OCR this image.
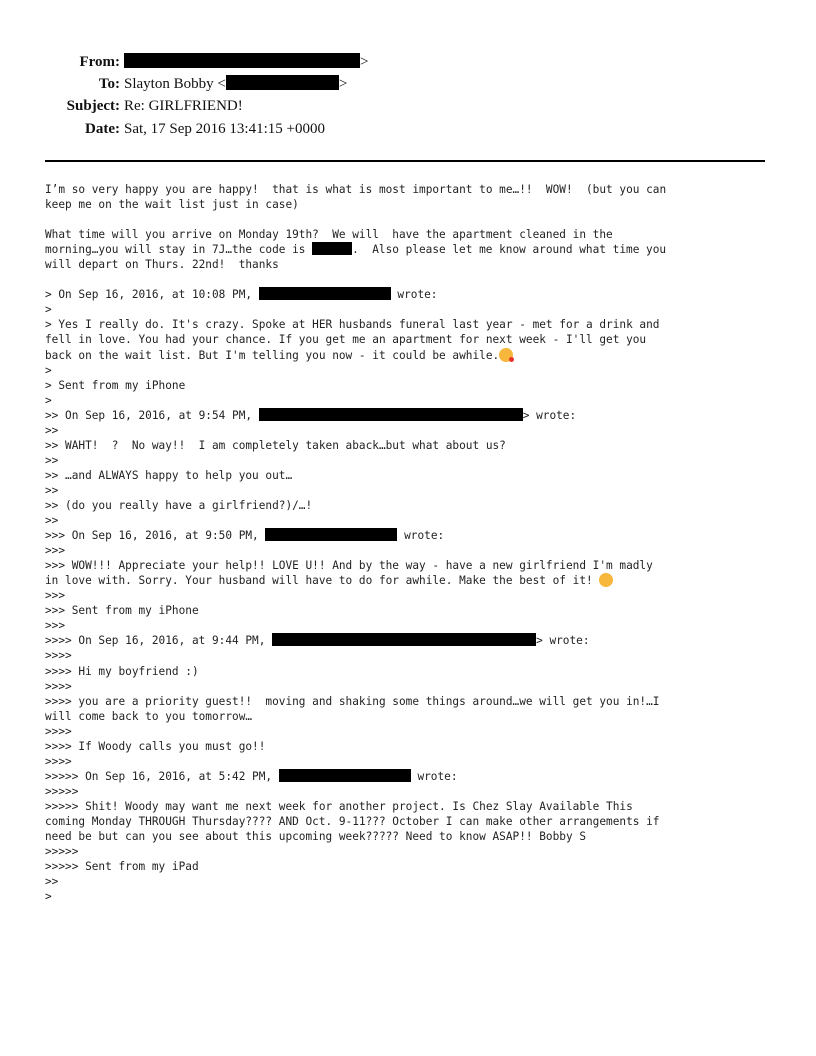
From:	>
To: Slayton Bobby <	>
Subject: Re: GIRLFRIEND!
Date: Sat, 17 Sep 2016 13:41:15 +0000
I’m so very happy you are happy!  that is what is most important to me…!!  WOW!  (but you can
keep me on the wait list just in case)
What time will you arrive on Monday 19th?  We will  have the apartment cleaned in the
morning…you will stay in 7J…the code is	.  Also please let me know around what time you
will depart on Thurs. 22nd!  thanks
> On Sep 16, 2016, at 10:08 PM,	wrote:
>
> Yes I really do. It's crazy. Spoke at HER husbands funeral last year - met for a drink and
fell in love. You had your chance. If you get me an apartment for next week - I'll get you
back on the wait list. But I'm telling you now - it could be awhile.
>
> Sent from my iPhone
>
>> On Sep 16, 2016, at 9:54 PM,	> wrote:
>>
>> WAHT!  ?  No way!!  I am completely taken aback…but what about us?
>>
>> …and ALWAYS happy to help you out…
>>
>> (do you really have a girlfriend?)/…!
>>
>>> On Sep 16, 2016, at 9:50 PM,	wrote:
>>>
>>> WOW!!! Appreciate your help!! LOVE U!! And by the way - have a new girlfriend I'm madly
in love with. Sorry. Your husband will have to do for awhile. Make the best of it!
>>>
>>> Sent from my iPhone
>>>
>>>> On Sep 16, 2016, at 9:44 PM,	> wrote:
>>>>
>>>> Hi my boyfriend :)
>>>>
>>>> you are a priority guest!!  moving and shaking some things around…we will get you in!…I
will come back to you tomorrow…
>>>>
>>>> If Woody calls you must go!!
>>>>
>>>>> On Sep 16, 2016, at 5:42 PM,	wrote:
>>>>>
>>>>> Shit! Woody may want me next week for another project. Is Chez Slay Available This
coming Monday THROUGH Thursday???? AND Oct. 9-11??? October I can make other arrangements if
need be but can you see about this upcoming week????? Need to know ASAP!! Bobby S
>>>>>
>>>>> Sent from my iPad
>>
>
